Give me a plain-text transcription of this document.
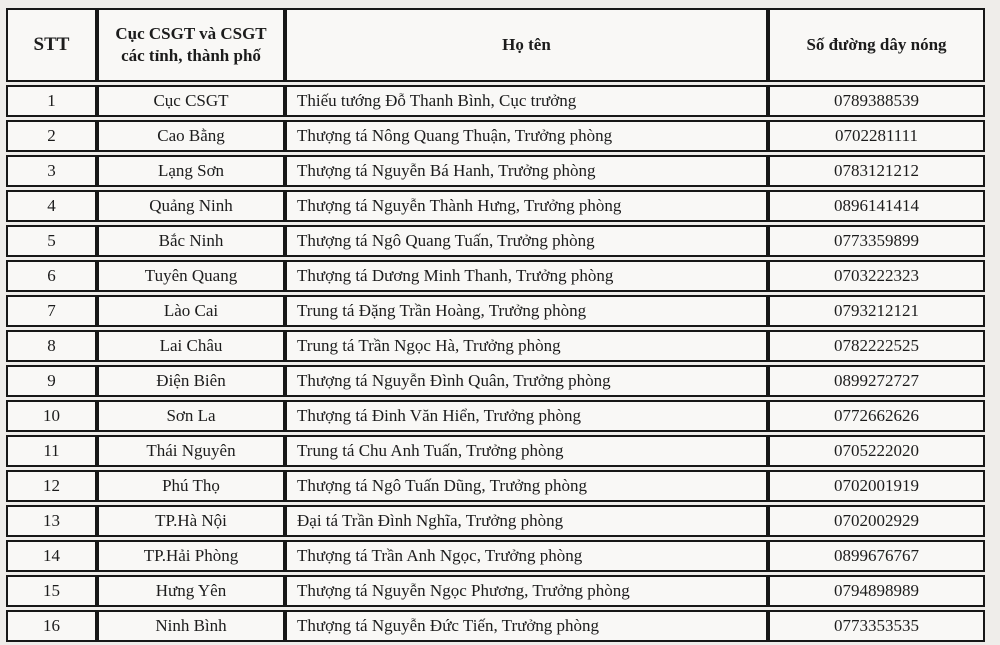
STT	Cục CSGT và CSGT các tỉnh, thành phố	Họ tên	Số đường dây nóng
1	Cục CSGT	Thiếu tướng Đỗ Thanh Bình, Cục trưởng	0789388539
2	Cao Bằng	Thượng tá Nông Quang Thuận, Trưởng phòng	0702281111
3	Lạng Sơn	Thượng tá Nguyễn Bá Hanh, Trưởng phòng	0783121212
4	Quảng Ninh	Thượng tá Nguyễn Thành Hưng, Trưởng phòng	0896141414
5	Bắc Ninh	Thượng tá Ngô Quang Tuấn, Trưởng phòng	0773359899
6	Tuyên Quang	Thượng tá Dương Minh Thanh, Trưởng phòng	0703222323
7	Lào Cai	Trung tá Đặng Trần Hoàng, Trưởng phòng	0793212121
8	Lai Châu	Trung tá Trần Ngọc Hà, Trưởng phòng	0782222525
9	Điện Biên	Thượng tá Nguyễn Đình Quân, Trưởng phòng	0899272727
10	Sơn La	Thượng tá Đinh Văn Hiển, Trưởng phòng	0772662626
11	Thái Nguyên	Trung tá Chu Anh Tuấn, Trưởng phòng	0705222020
12	Phú Thọ	Thượng tá Ngô Tuấn Dũng, Trưởng phòng	0702001919
13	TP.Hà Nội	Đại tá Trần Đình Nghĩa, Trưởng phòng	0702002929
14	TP.Hải Phòng	Thượng tá Trần Anh Ngọc, Trưởng phòng	0899676767
15	Hưng Yên	Thượng tá Nguyễn Ngọc Phương, Trưởng phòng	0794898989
16	Ninh Bình	Thượng tá Nguyễn Đức Tiến, Trưởng phòng	0773353535
